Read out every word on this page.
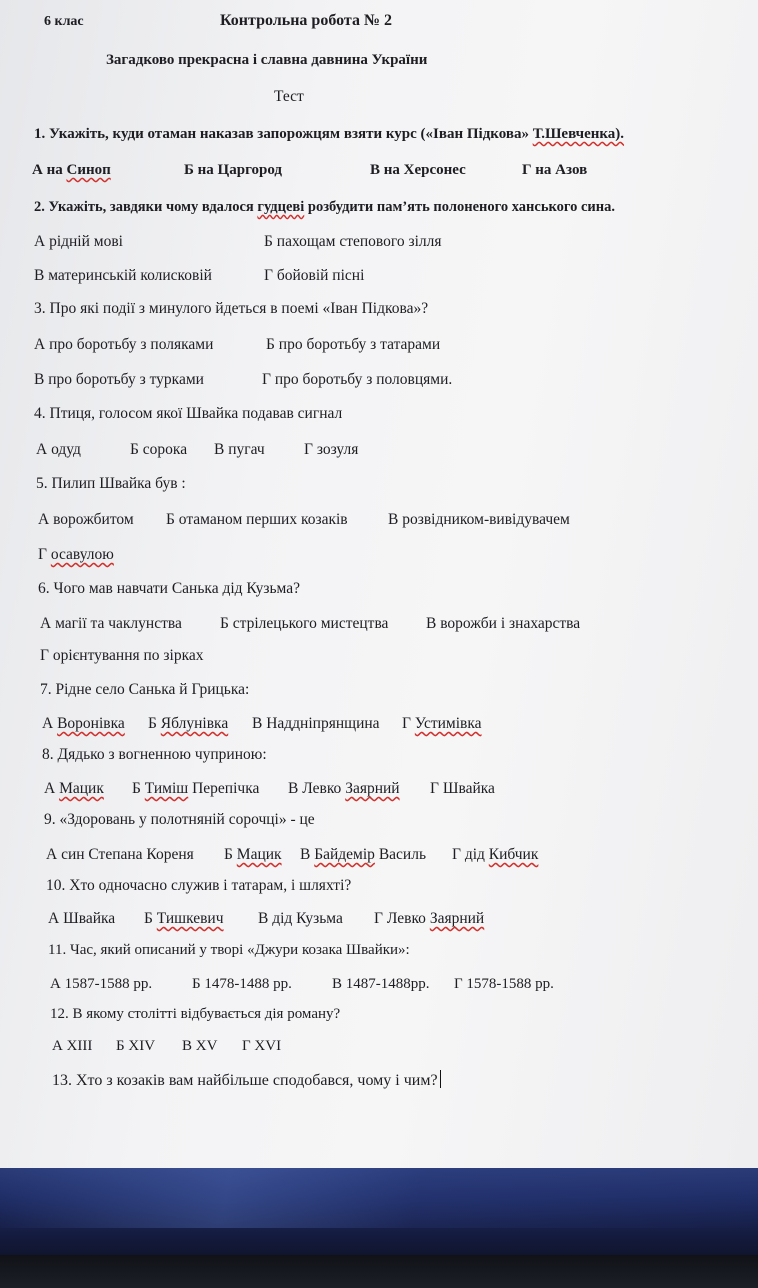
6 клас	Контрольна робота № 2
Загадково прекрасна і славна давнина України
Тест
1. Укажіть, куди отаман наказав запорожцям взяти курс («Іван Підкова» Т.Шевченка).
А на Синоп	Б на Царгород	В на Херсонес	Г на Азов
2. Укажіть, завдяки чому вдалося гудцеві розбудити пам’ять полоненого ханського сина.
А рідній мові	Б пахощам степового зілля
В материнській колисковій	Г бойовій пісні
3. Про які події з минулого йдеться в поемі «Іван Підкова»?
А про боротьбу з поляками	Б про боротьбу з татарами
В про боротьбу з турками	Г про боротьбу з половцями.
4. Птиця, голосом якої Швайка подавав сигнал
А одуд	Б сорока В пугач	Г зозуля
5. Пилип Швайка був :
А ворожбитом Б отаманом перших козаків	В розвідником-вивідувачем
Г осавулою
6. Чого мав навчати Санька дід Кузьма?
А магії та чаклунства Б стрілецького мистецтва В ворожби і знахарства
Г орієнтування по зірках
7. Рідне село Санька й Грицька:
А Воронівка Б Яблунівка В Наддніпрянщина Г Устимівка
8. Дядько з вогненною чуприною:
А Мацик Б Тиміш Перепічка В Левко Заярний Г Швайка
9. «Здоровань у полотняній сорочці» - це
А син Степана Кореня Б Мацик В Байдемір Василь Г дід Кибчик
10. Хто одночасно служив і татарам, і шляхті?
А Швайка Б Тишкевич В дід Кузьма Г Левко Заярний
11. Час, який описаний у творі «Джури козака Швайки»:
А 1587-1588 рр.	Б 1478-1488 рр.	В 1487-1488рр. Г 1578-1588 рр.
12. В якому столітті відбувається дія роману?
А XIII Б XIV В XV Г XVI
13. Хто з козаків вам найбільше сподобався, чому і чим?
